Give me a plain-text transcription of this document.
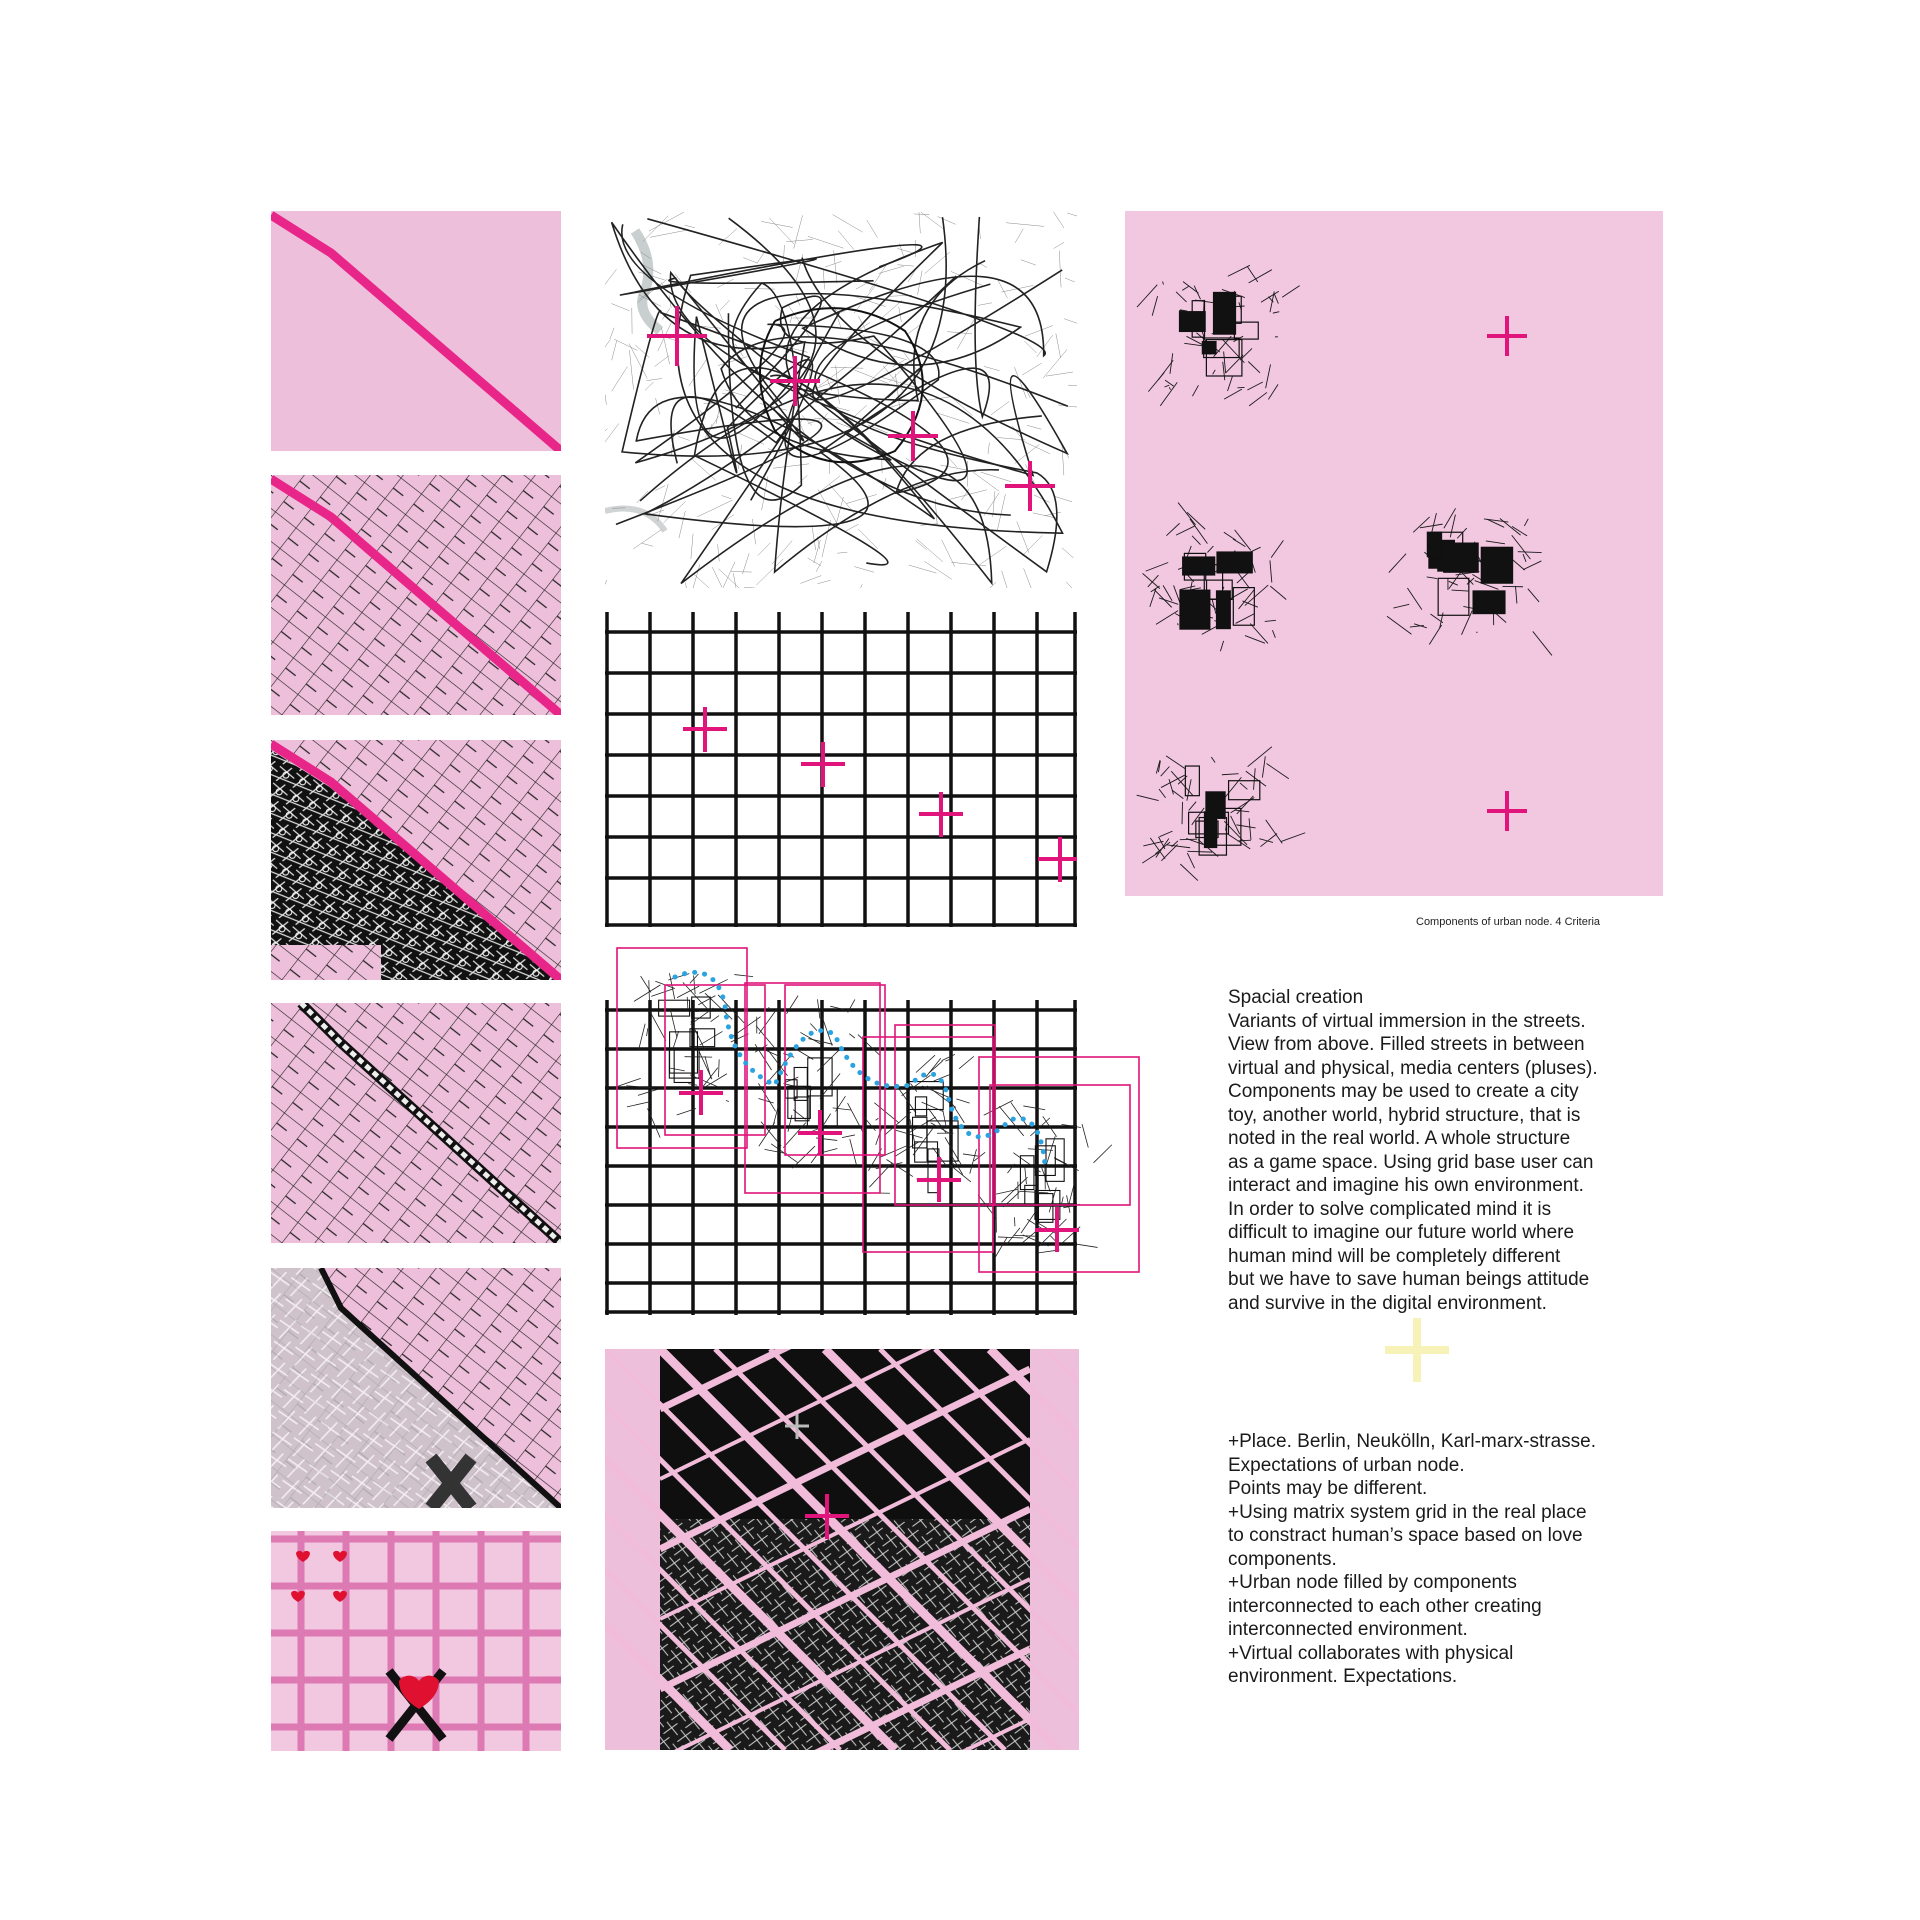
Components of urban node. 4 Criteria
Spacial creation
Variants of virtual immersion in the streets.
View from above. Filled streets in between
virtual and physical, media centers (pluses).
Components may be used to create a city
toy, another world, hybrid structure, that is
noted in the real world. A whole structure
as a game space. Using grid base user can
interact and imagine his own environment.
In order to solve complicated mind it is
difficult to imagine our future world where
human mind will be completely different
but we have to save human beings attitude
and survive in the digital environment.
+Place. Berlin, Neukölln, Karl-marx-strasse.
Expectations of urban node.
Points may be different.
+Using matrix system grid in the real place
to constract human’s space based on love
components.
+Urban node filled by components
interconnected to each other creating
interconnected environment.
+Virtual collaborates with physical
environment. Expectations.
